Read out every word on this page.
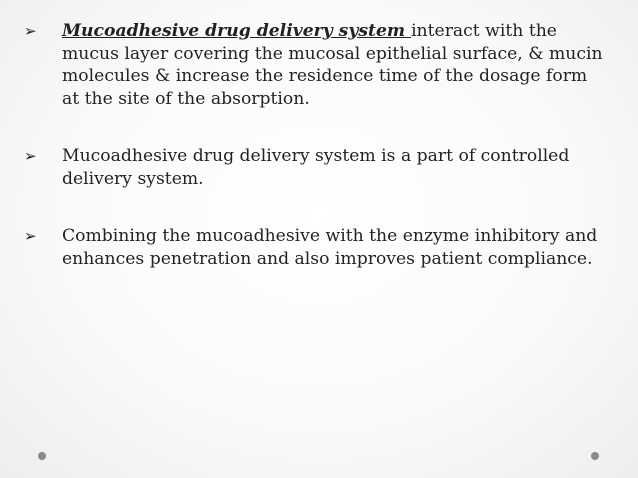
➢	Mucoadhesive drug delivery system interact with the mucus layer covering the mucosal epithelial surface, & mucin molecules & increase the residence time of the dosage form at the site of the absorption.
➢	Mucoadhesive drug delivery system is a part of controlled delivery system.
➢	Combining the mucoadhesive with the enzyme inhibitory and enhances penetration and also improves patient compliance.
